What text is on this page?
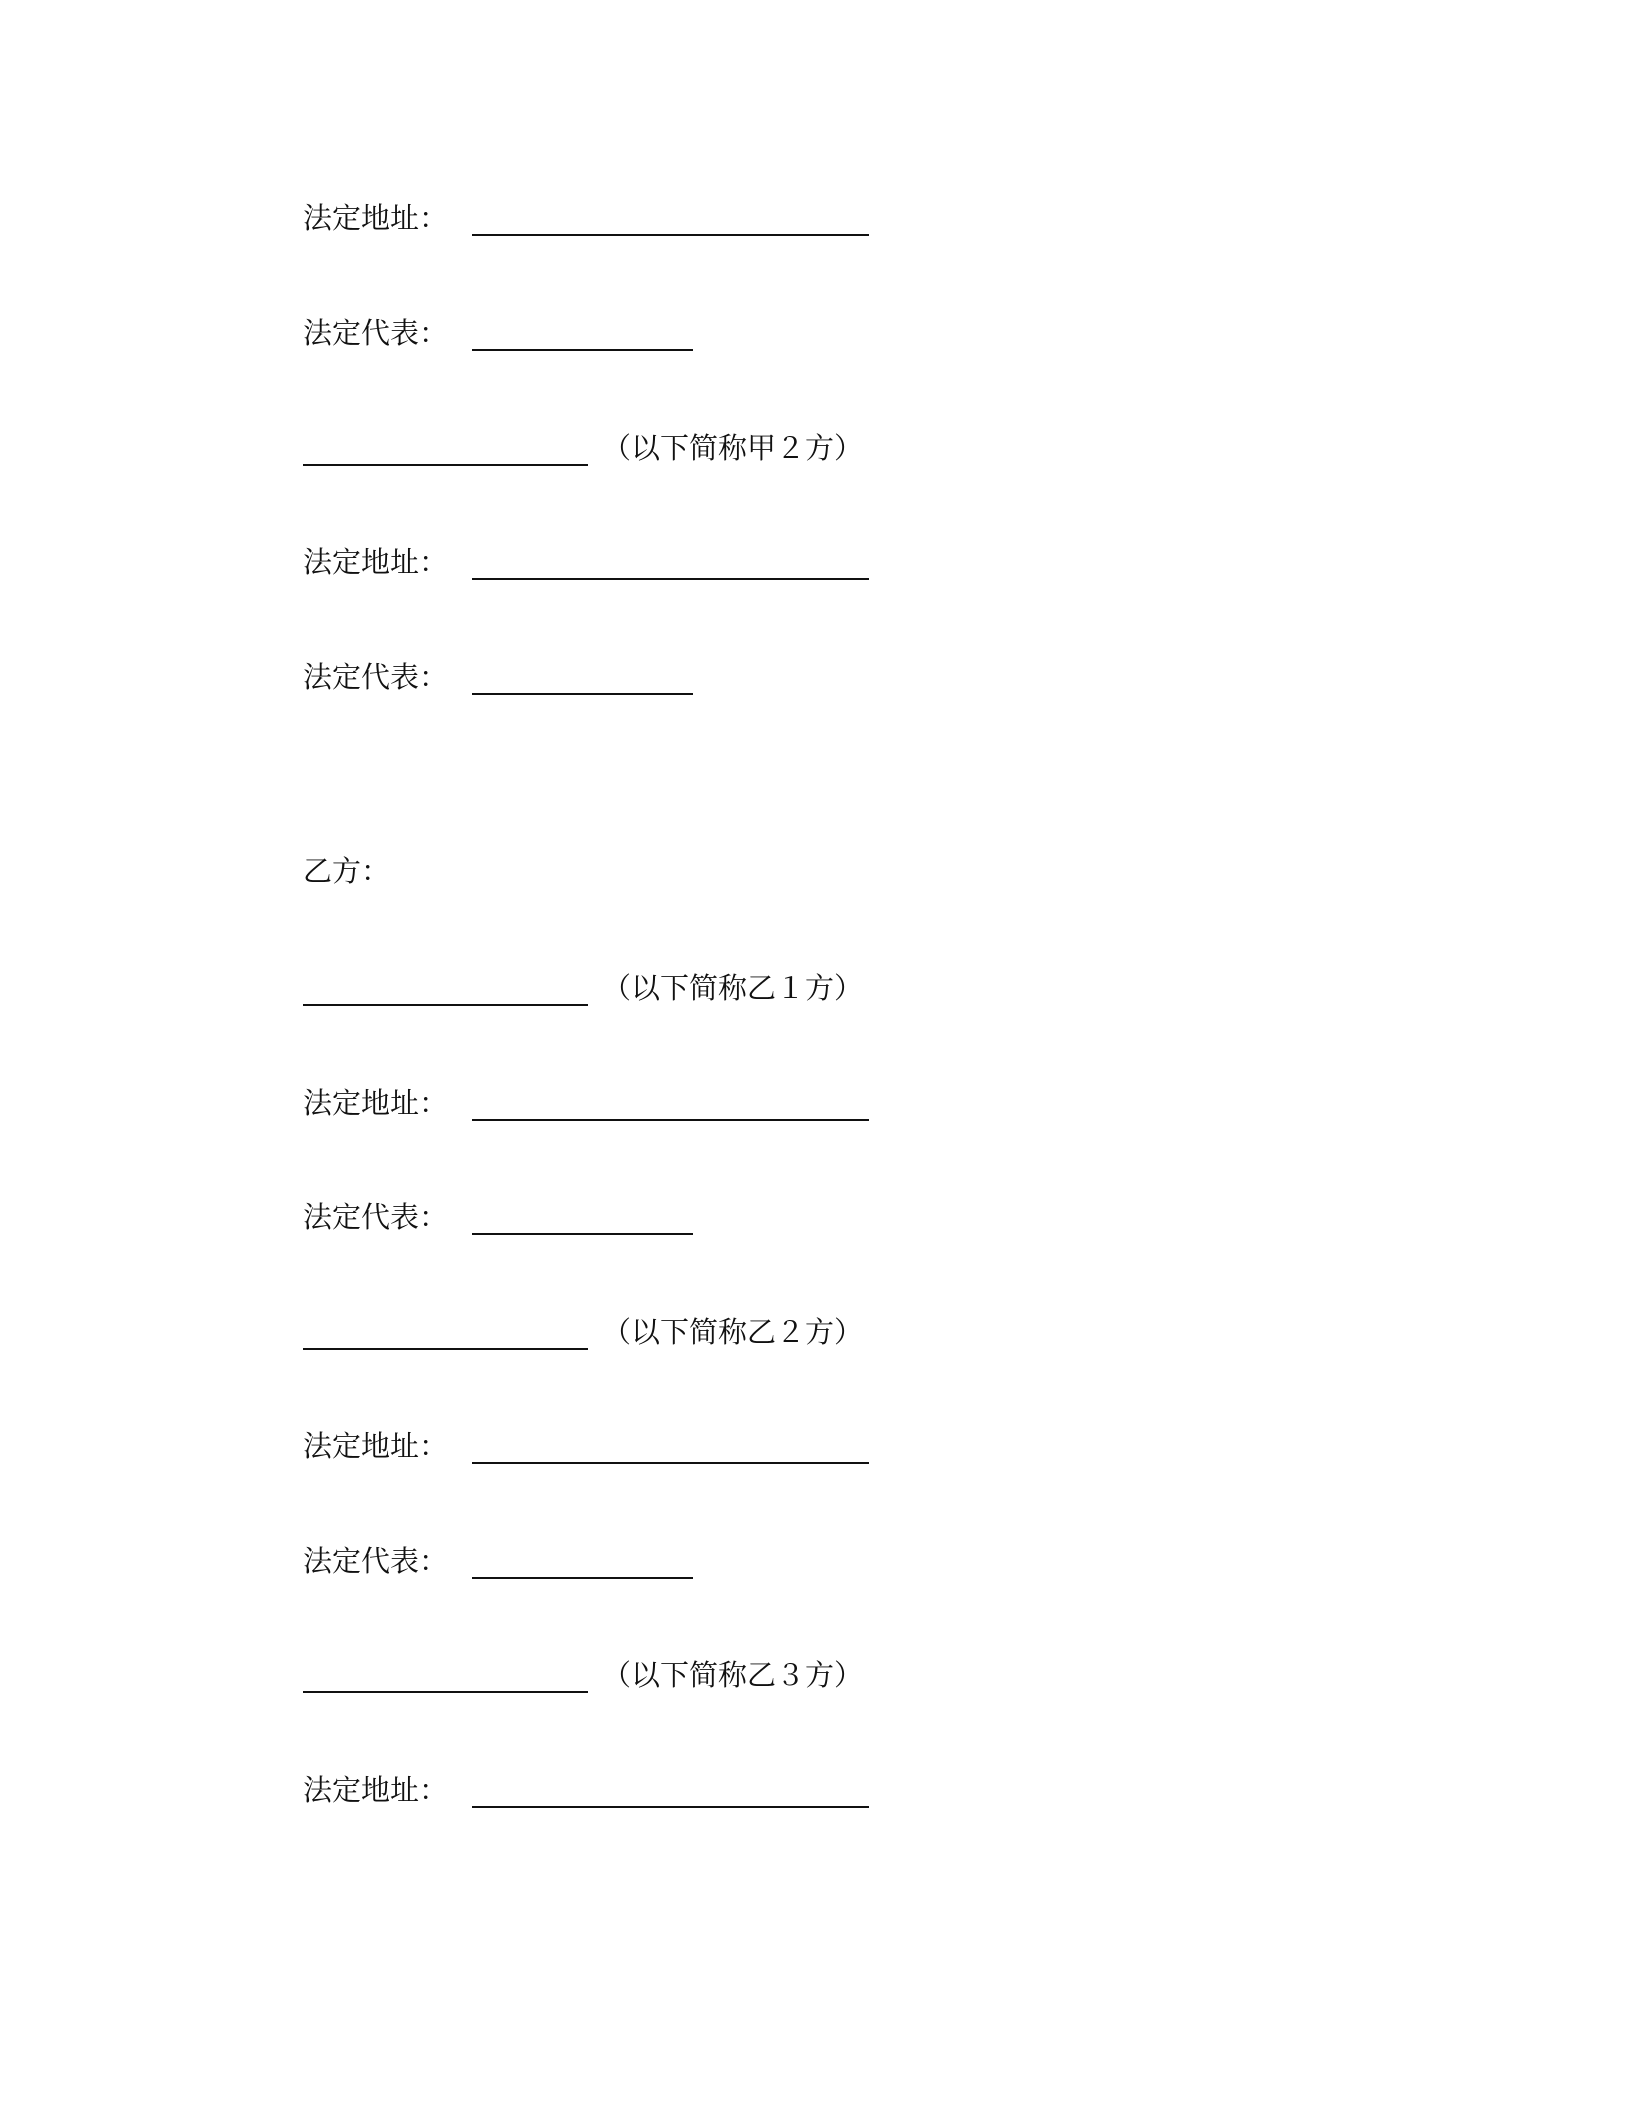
法定地址：
法定代表：
（以下简称甲２方）
法定地址：
法定代表：
乙方：
（以下简称乙１方）
法定地址：
法定代表：
（以下简称乙２方）
法定地址：
法定代表：
（以下简称乙３方）
法定地址：
